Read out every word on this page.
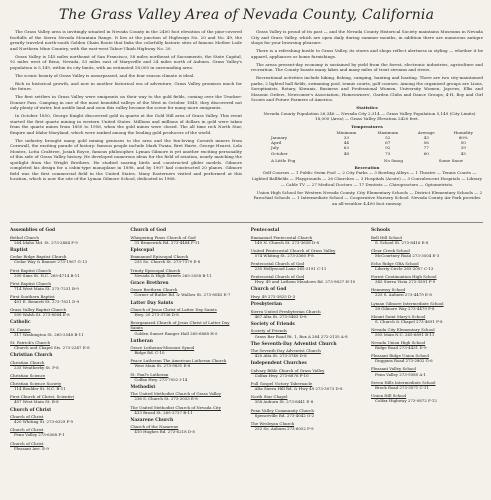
The Grass Valley Area of Nevada County, California

The Grass Valley area is invitingly situated in Nevada County in the 2400 foot elevation of the pine-covered foothills of the Sierra Nevada Mountain Range. It lies at the junction of Highways No. 20 and No. 49, the greatly traveled north-south Golden Chain Route that links the colorfully historic sites of famous Mother Lode and Northern Mine Country, with the east-west Tahoe-Ukiah Highway No. 20.

Grass Valley is 145 miles northeast of San Francisco, 58 miles northeast of Sacramento, the State Capital, 92 miles west of Reno, Nevada, 53 miles east of Marysville and 24 miles north of Auburn. Grass Valley's population is 5,149, within its city limits, with an estimated 18,000 in surrounding area.

The scenic beauty of Grass Valley is unsurpassed, and the four season climate is ideal.

Rich in historical growth, and now in another historical era of adventure, Grass Valley promises much for the future.

The first settlers in Grass Valley were emigrants on their way to the gold fields, coming over the Truckee-Donner Pass. Camping in one of the most beautiful valleys of the West in October 1849, they discovered not only plenty of water, but arable land and soon this valley became the scene for many more emigrants.

In October 1850, George Knight discovered gold in quartz at the Gold Hill area of Grass Valley. This event started the first quartz mining in western United States. Millions and millions of dollars in gold were taken from the quartz mines from 1850 to 1956, when the gold mines were closed. The all time rich North Star, Empire and Idaho-Maryland, which were ranked among the leading gold producers of the world.

The industry brought many gold mining geniuses to the area and the fun-loving Cornish miners from Cornwall, the exciting parade of history: famous people include Mark Twain, Bret Harte, George Hearst, Lola Montez, Lotta Crabtree, Josiah Royce, famous philosopher. Lyman Gilmore is yet another exciting personality of this side of Grass Valley history. He developed numerous ideas for the field of aviation, nearly matching the spotlight from the Wright Brothers. He studied soaring birds and constructed glider models. Gilmore completed his design for a cabin-type monoplane in 1898, and by 1907 had constructed 20 planes. Gilmore field was the first commercial field in the United States. Many Easterners visited and performed at this location, which is now the site of the Lyman Gilmore School, dedicated in 1968.

Grass Valley is proud of its past — and the Nevada County Historical Society maintains Museums in Nevada City and Grass Valley, which are open daily during summer months, in addition there are numerous antique shops for your browsing pleasure.

There is a refreshing bustle to Grass Valley, its stores and shops reflect alertness in styling — whether it be apparel, appliances or home furnishings.

The areas present-day economy is sustained by yield from the forest, electronic industries, agriculture and recreation. The County boasts many lakes and many miles of trout streams and rivers.

Recreational activities include hiking, fishing, camping, hunting and boating. There are two city-maintained parks, 2 lighted ball fields, swimming pool, tennis courts, golf courses. Among the organized groups are Lions, Soroptimists, Rotary, Kiwanis, Business and Professional Women, University Women, Jaycees, Elks and Masonic Orders, Newcomer's Association, Homeowners', Garden Clubs and Dance Groups; 4-H, Boy and Girl Scouts and Future Farmers of America.

Statistics

Nevada County Population 26,346 — Nevada City 2,314 — Grass Valley Population 5,149 (City Limits) 18,000 (Area) — Grass Valley Elevation 2420 feet.

Temperatures
	Minimum	Maximum	Average	Humidity
January	33	52	43	80%
April	44	67	56	50
July	63	92	77	39
October	48	73	60	45
A Little Fog	No Smog	Some Snow
Recreation

Golf Courses — 1 Public Swim Pool — 2 City Parks — 3 Bowling Alleys — 1 Theatre — Tennis Courts — Lighted Ballfields — Playgrounds — 26 Churches — 3 Hospitals (Acute) — 3 Convalescent Hospitals — Library — Cable TV — 27 Medical Doctors — 17 Dentists — Chiropractors — Optometrists.

Union High School for Western Nevada County. City Elementary Schools — District Elementary Schools — 2 Parochial Schools — 1 Intermediate School — Cooperative Nursery School. Nevada County Air Park provides an all-weather 4,400 foot runway.

Assemblies of God
Bethel Church
264 Idaho Md. St. 273-2484 F-9
Baptist
Cedar Ridge Baptist Church
Cedar Way & Banner 273-1967 G-13
First Baptist Church
200 Sims St. N.C. 265-4714 B-11
First Baptist Church
714 West Main St. 273-7231 B-9
First Southern Baptist
401 E. Bennett St. 273-7821 D-9
Grass Valley Baptist Church
500 Walsh St. 273-8084 E-8
Catholic
St. Canice
317 Washington St. 265-2048 B-11
St. Patrick's Church
Church and Chapel Sts. 273-2347 E-8
Christian Church
Christian Church
235 Weatherby St. F-8
Christian Science
Christian Science Society
114 Boulder St. N.C. B-11
First Church of Christ, Scientist
407 West Main St. B-8
Church of Christ
Church of Christ
420 Whiting St. 273-6329 F-9
Church of Christ
Penn Valley 273-6368 F-1
Church of Christ
Pleasant Ave. E-9
Church of God
Whispering Pines Church of God
31 Brunswick Rd. 273-4484 F-11
Episcopal
Emmanuel Episcopal Church
235 So. Church St. 273-7379 E-8
Trinity Episcopal Church
Nevada & High Streets 265-2058 B-11
Grace Brethren
Grace Brethren Church
Corner of Butler Rd. & Wallow St. 273-8045 E-7
Latter Day Saints
Church of Jesus Christ of Latter Day Saints
Hwy. 20 273-3736 D-8
Reorganized Church of Jesus Christ of Latter Day Saints
Golden Sunset Ranger Hall 265-6668 H-5
Lutheran
Grace Lutheran-Missouri Synod
Ridge Rd. C-10
Peace Lutheran The American Lutheran Church
West Main St. 273-9831 E-8
St. Paul's Lutheran
Colfax Hwy. 273-7052 I-14
Methodist
The United Methodist Church of Grass Valley
236 S. Church St. 273-2033 E-8
The United Methodist Church of Nevada City
433 Broad St. 265-2727 B-11
Nazarene Church
Church of the Nazarene
410 Hughes Rd. 273-6218 D-8
Pentecostal
Emmanuel Pentecostal Church
140 N. Church St. 273-3638 D-8
United Pentecostal Church of Grass Valley
574 Whiting St. 273-3360 F-8
Pentecostal Church of God
230 Hollywood Lane 265-3191 C-11
Pentecostal Church of God
Hwy. 49 and Lathem Meadows Rd. 273-9637 H-10
Church of God
Hwy. 49 273-3825 D-3
Presbyterian
Sierra United Presbyterian Church
467 Alta St. 273-5463 D-8
Society of Friends
Society of Friends
Grass Bar Road Rt. 1, Box A 284 272-2135 A-8
The Seventh-Day Adventist Church
The Seventh-Day Adventist Church
420 Alta St. 273-3740 D-8
Independent Churches
Calvary Bible Church of Grass Valley
Colfax Hwy. 273-6876 F-10
Full Gospel Victory Tabernacle
Alta Sierra Hill Rd. & Hwy 49 273-3073 D-8
North Star Chapel
358 Auburn St. 273-8441 E-8
Penn Valley Community Church
Spenceville Rd. 273-4042 G-2
The Wesleyan Church
252 So. Auburn 273-6052 F-9
Schools
Bell Hill School
S. School St. 273-8416 E-8
Clear Creek School
McCourtney Road 273-3504 E-3
Echo Ridge GBA School
Liberty Circle 265-2007 C-13
Forest Continuation High School
345 Sierra Vista 273-3591 F-9
Hennessy School
225 S. Auburn 273-4479 E-8
Lyman Gilmore Intermediate School
28 Gilmore Way 273-4479 F-8
Mount Saint Mary's School
S. Church & Chapel 273-4691 F-8
Nevada City Elementary School
505 Main N.C. 265-6891 B-11
Nevada Union High School
Ridge Road 273-4431 D-9
Pleasant Ridge Union School
Dugguns Road 273-2802 G-6
Pleasant Valley School
Penn Valley 273-9380 A-1
Seven Hills Intermediate School
Brock Road 273-3071 C-11
Union Hill School
Colfax Highway 273-0872 F-12
